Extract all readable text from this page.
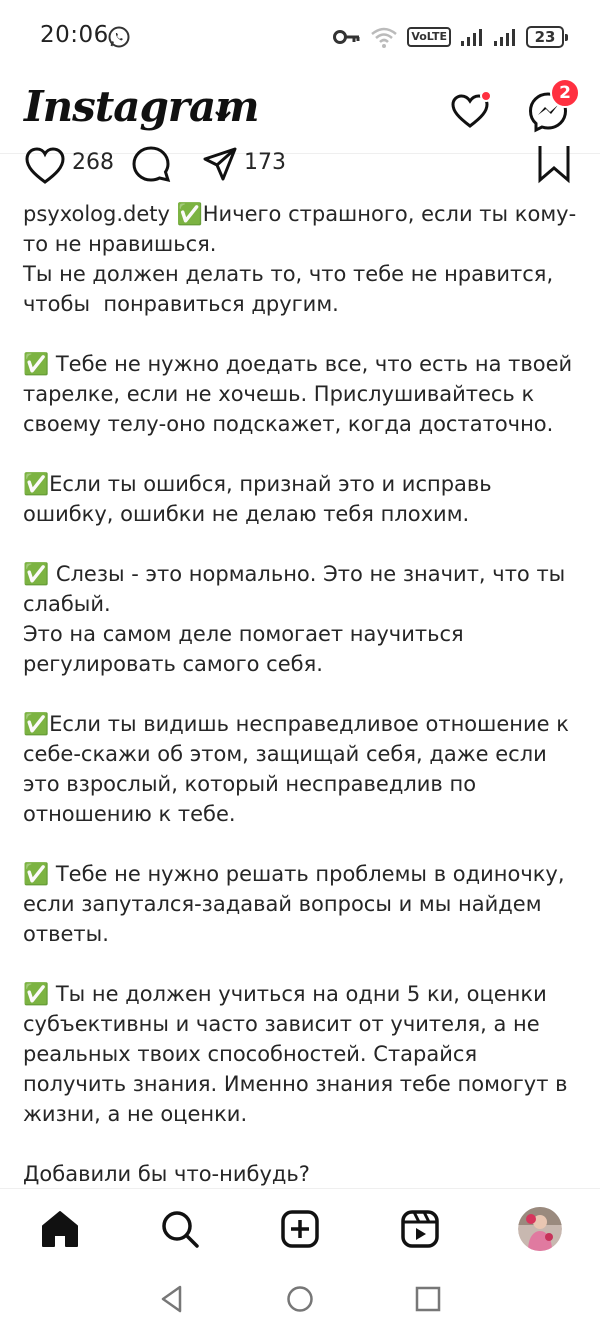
20:06	VoLTE	23
Instagram	2
268	173
psyxolog.dety ✅Ничего страшного, если ты кому-то не нравишься.
Ты не должен делать то, что тебе не нравится, чтобы  понравиться другим.

✅ Тебе не нужно доедать все, что есть на твоей тарелке, если не хочешь. Прислушивайтесь к своему телу-оно подскажет, когда достаточно.

✅Если ты ошибся, признай это и исправь ошибку, ошибки не делаю тебя плохим.

✅ Слезы - это нормально. Это не значит, что ты слабый.
Это на самом деле помогает научиться регулировать самого себя.

✅Если ты видишь несправедливое отношение к себе-скажи об этом, защищай себя, даже если это взрослый, который несправедлив по отношению к тебе.

✅ Тебе не нужно решать проблемы в одиночку, если запутался-задавай вопросы и мы найдем ответы.

✅ Ты не должен учиться на одни 5 ки, оценки субъективны и часто зависит от учителя, а не реальных твоих способностей. Старайся получить знания. Именно знания тебе помогут в жизни, а не оценки.
Добавили бы что-нибудь?
